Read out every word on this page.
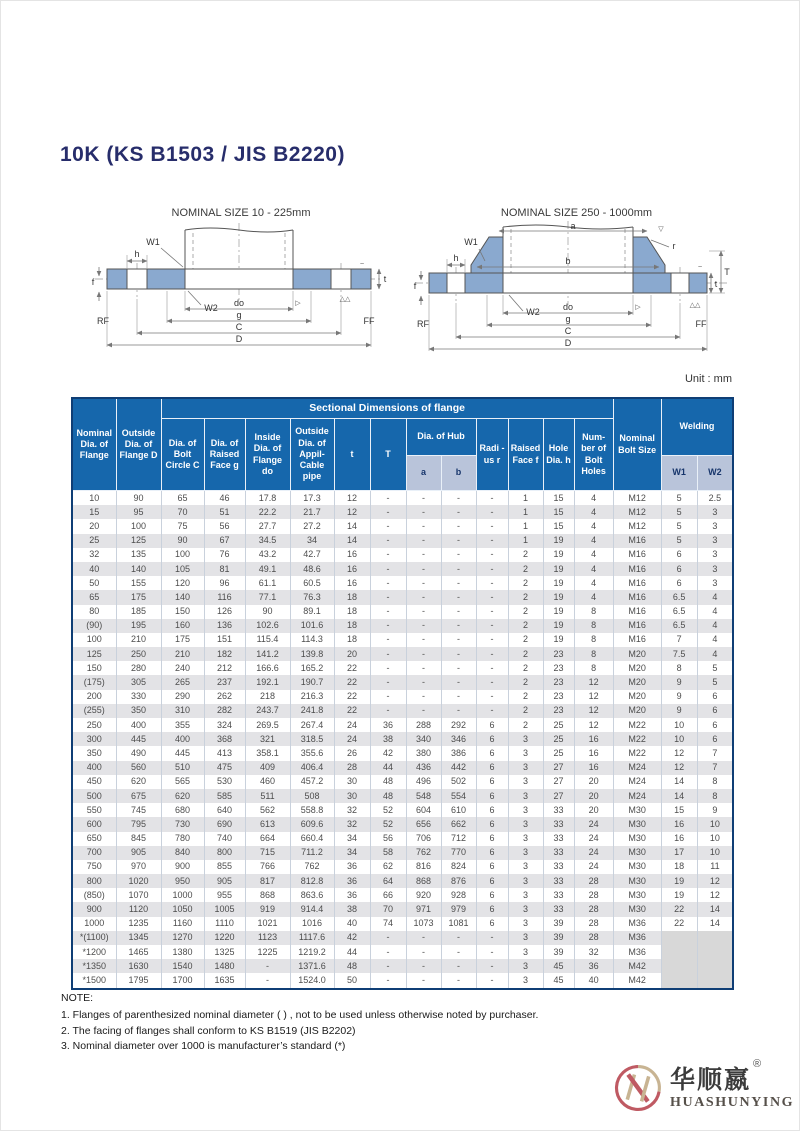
10K (KS B1503 / JIS B2220)
NOMINAL SIZE 10 - 225mm	NOMINAL SIZE 250 - 1000mm
W1
h
f
W2 do
g
C
D
RF	FF
t
~
▷
△△
W1
h
f
a
b
r
W2	do
g
C
D
RF	FF
t
T
~
▽
▷	△△
Unit : mm
Nominal Dia. of Flange	Outside Dia. of Flange D	Sectional Dimensions of flange												Nominal Bolt Size	Welding	
		Dia. of Bolt Circle C	Dia. of Raised Face g	Inside Dia. of Flange do	Outside Dia. of Appil-Cable pipe	t	T	Dia. of Hub		Radi -us r	Raised Face f	Hole Dia. h	Num- ber of Bolt Holes			
								a	b						W1	W2
10	90	65	46	17.8	17.3	12	-	-	-	-	1	15	4	M12	5	2.5
15	95	70	51	22.2	21.7	12	-	-	-	-	1	15	4	M12	5	3
20	100	75	56	27.7	27.2	14	-	-	-	-	1	15	4	M12	5	3
25	125	90	67	34.5	34	14	-	-	-	-	1	19	4	M16	5	3
32	135	100	76	43.2	42.7	16	-	-	-	-	2	19	4	M16	6	3
40	140	105	81	49.1	48.6	16	-	-	-	-	2	19	4	M16	6	3
50	155	120	96	61.1	60.5	16	-	-	-	-	2	19	4	M16	6	3
65	175	140	116	77.1	76.3	18	-	-	-	-	2	19	4	M16	6.5	4
80	185	150	126	90	89.1	18	-	-	-	-	2	19	8	M16	6.5	4
(90)	195	160	136	102.6	101.6	18	-	-	-	-	2	19	8	M16	6.5	4
100	210	175	151	115.4	114.3	18	-	-	-	-	2	19	8	M16	7	4
125	250	210	182	141.2	139.8	20	-	-	-	-	2	23	8	M20	7.5	4
150	280	240	212	166.6	165.2	22	-	-	-	-	2	23	8	M20	8	5
(175)	305	265	237	192.1	190.7	22	-	-	-	-	2	23	12	M20	9	5
200	330	290	262	218	216.3	22	-	-	-	-	2	23	12	M20	9	6
(255)	350	310	282	243.7	241.8	22	-	-	-	-	2	23	12	M20	9	6
250	400	355	324	269.5	267.4	24	36	288	292	6	2	25	12	M22	10	6
300	445	400	368	321	318.5	24	38	340	346	6	3	25	16	M22	10	6
350	490	445	413	358.1	355.6	26	42	380	386	6	3	25	16	M22	12	7
400	560	510	475	409	406.4	28	44	436	442	6	3	27	16	M24	12	7
450	620	565	530	460	457.2	30	48	496	502	6	3	27	20	M24	14	8
500	675	620	585	511	508	30	48	548	554	6	3	27	20	M24	14	8
550	745	680	640	562	558.8	32	52	604	610	6	3	33	20	M30	15	9
600	795	730	690	613	609.6	32	52	656	662	6	3	33	24	M30	16	10
650	845	780	740	664	660.4	34	56	706	712	6	3	33	24	M30	16	10
700	905	840	800	715	711.2	34	58	762	770	6	3	33	24	M30	17	10
750	970	900	855	766	762	36	62	816	824	6	3	33	24	M30	18	11
800	1020	950	905	817	812.8	36	64	868	876	6	3	33	28	M30	19	12
(850)	1070	1000	955	868	863.6	36	66	920	928	6	3	33	28	M30	19	12
900	1120	1050	1005	919	914.4	38	70	971	979	6	3	33	28	M30	22	14
1000	1235	1160	1110	1021	1016	40	74	1073	1081	6	3	39	28	M36	22	14
*(1100)	1345	1270	1220	1123	1117.6	42	-	-	-	-	3	39	28	M36		
*1200	1465	1380	1325	1225	1219.2	44	-	-	-	-	3	39	32	M36		
*1350	1630	1540	1480	-	1371.6	48	-	-	-	-	3	45	36	M42		
*1500	1795	1700	1635	-	1524.0	50	-	-	-	-	3	45	40	M42		
NOTE:
1. Flanges of parenthesized nominal diameter ( ) , not to be used unless otherwise noted by purchaser.
2. The facing of flanges shall conform to KS B1519 (JIS B2202)
3. Nominal diameter over 1000 is manufacturer’s standard (*)
华顺嬴®
HUASHUNYING
